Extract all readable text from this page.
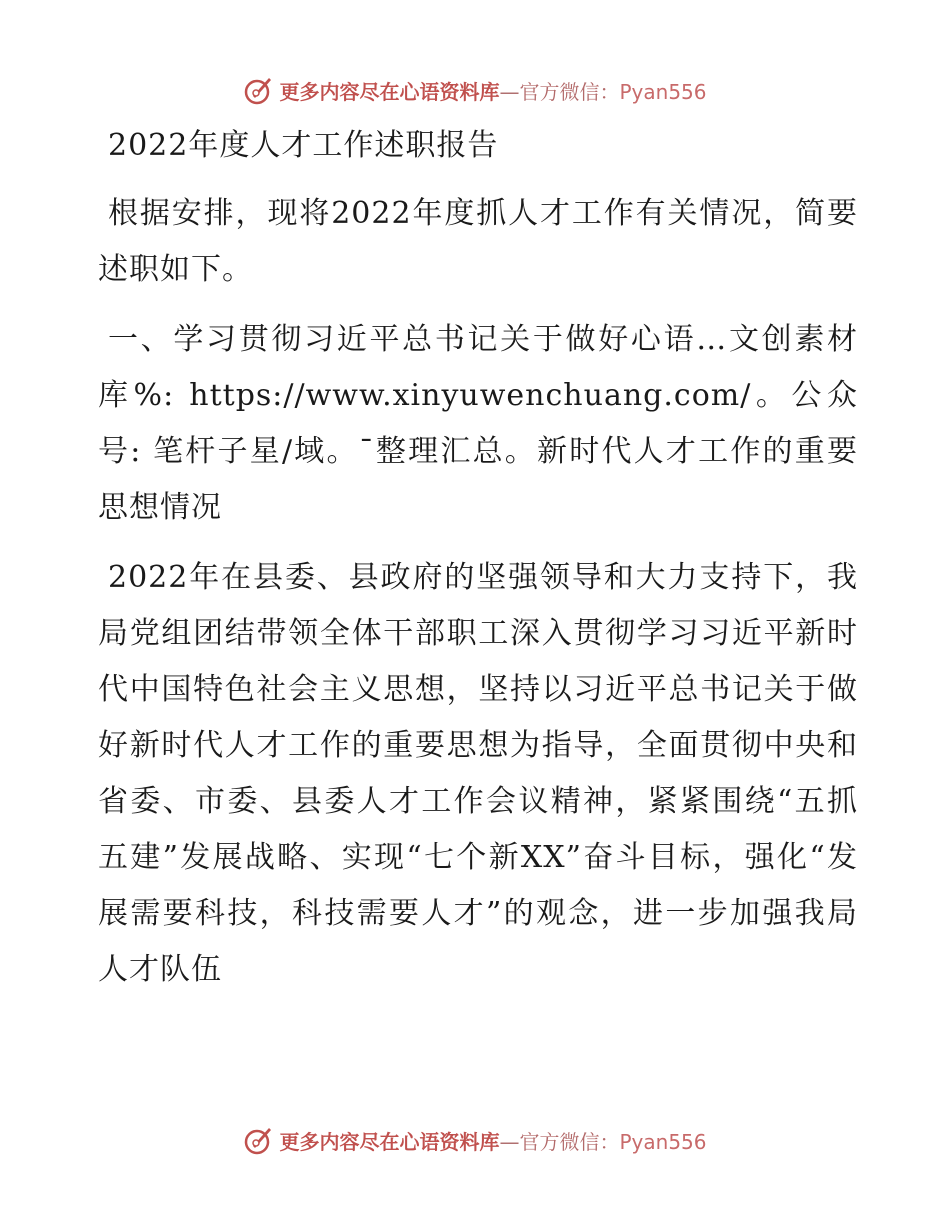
更多内容尽在心语资料库—官方微信：Pyan556
2022年度人才工作述职报告
根据安排，现将2022年度抓人才工作有关情况，简要述职如下。
一、学习贯彻习近平总书记关于做好心语…文创素材库%: https://www.xinyuwenchuang.com/。公众号: 笔杆子星/域。¯整理汇总。新时代人才工作的重要思想情况
2022年在县委、县政府的坚强领导和大力支持下，我局党组团结带领全体干部职工深入贯彻学习习近平新时代中国特色社会主义思想，坚持以习近平总书记关于做好新时代人才工作的重要思想为指导，全面贯彻中央和省委、市委、县委人才工作会议精神，紧紧围绕“五抓五建”发展战略、实现“七个新XX”奋斗目标，强化“发展需要科技，科技需要人才”的观念，进一步加强我局人才队伍
更多内容尽在心语资料库—官方微信：Pyan556
